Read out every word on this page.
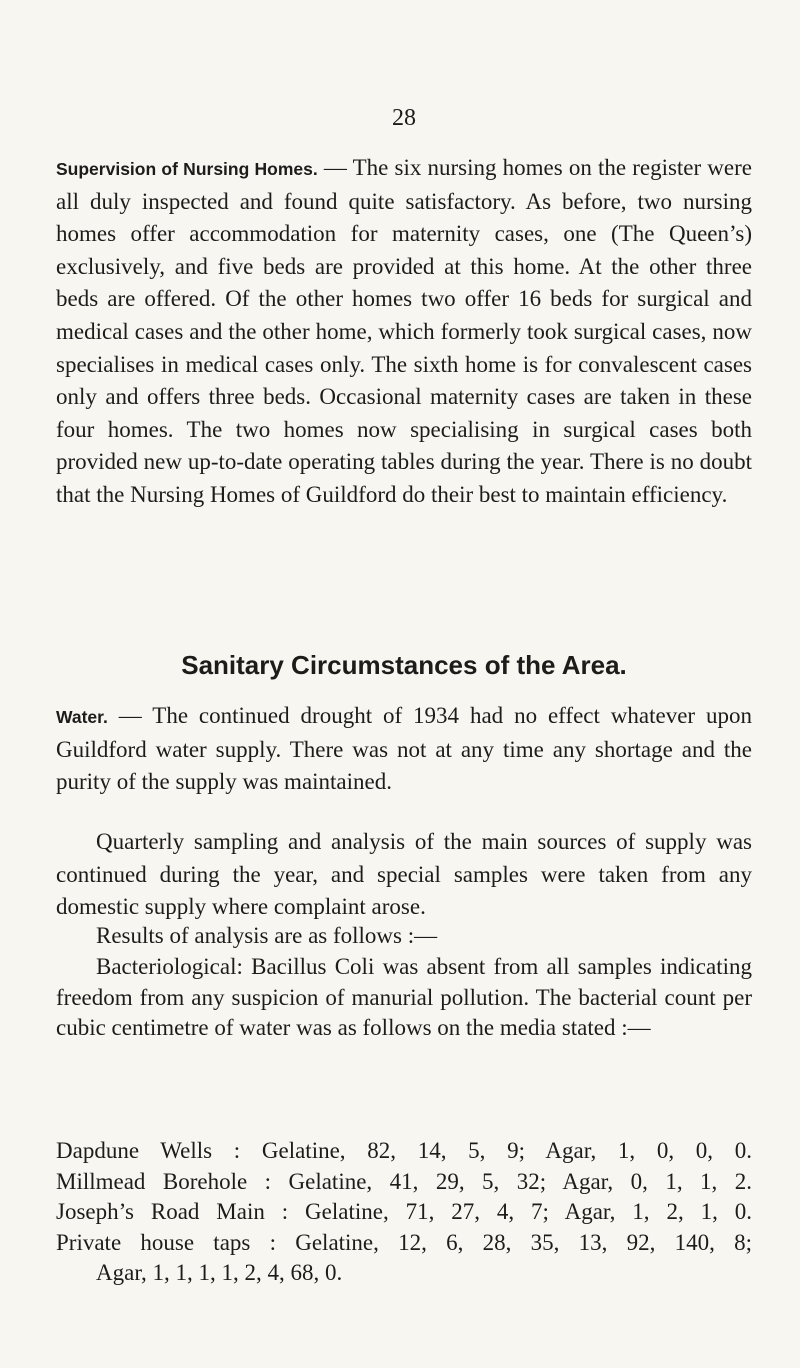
28

Supervision of Nursing Homes. — The six nursing homes on the register were all duly inspected and found quite satisfactory. As before, two nursing homes offer accommodation for maternity cases, one (The Queen’s) exclusively, and five beds are provided at this home. At the other three beds are offered. Of the other homes two offer 16 beds for surgical and medical cases and the other home, which formerly took surgical cases, now specialises in medical cases only. The sixth home is for convalescent cases only and offers three beds. Occasional maternity cases are taken in these four homes. The two homes now specialising in surgical cases both provided new up-to-date operating tables during the year. There is no doubt that the Nursing Homes of Guildford do their best to maintain efficiency.

Sanitary Circumstances of the Area.

Water. — The continued drought of 1934 had no effect whatever upon Guildford water supply. There was not at any time any shortage and the purity of the supply was maintained.

Quarterly sampling and analysis of the main sources of supply was continued during the year, and special samples were taken from any domestic supply where complaint arose.

Results of analysis are as follows :—

Bacteriological: Bacillus Coli was absent from all samples indicating freedom from any suspicion of manurial pollution. The bacterial count per cubic centimetre of water was as follows on the media stated :—

Dapdune Wells : Gelatine, 82, 14, 5, 9; Agar, 1, 0, 0, 0.
Millmead Borehole : Gelatine, 41, 29, 5, 32; Agar, 0, 1, 1, 2.
Joseph’s Road Main : Gelatine, 71, 27, 4, 7; Agar, 1, 2, 1, 0.
Private house taps : Gelatine, 12, 6, 28, 35, 13, 92, 140, 8;
Agar, 1, 1, 1, 1, 2, 4, 68, 0.
